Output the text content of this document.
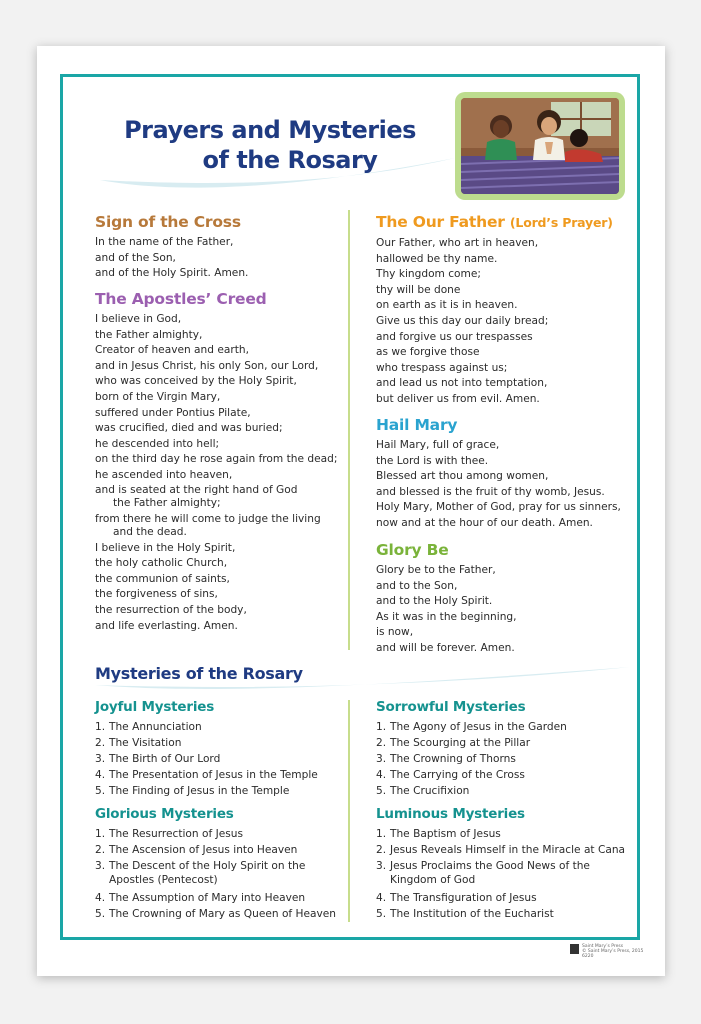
Prayers and Mysteries
of the Rosary
Sign of the Cross
In the name of the Father,
and of the Son,
and of the Holy Spirit. Amen.
The Apostles’ Creed
I believe in God,
the Father almighty,
Creator of heaven and earth,
and in Jesus Christ, his only Son, our Lord,
who was conceived by the Holy Spirit,
born of the Virgin Mary,
suffered under Pontius Pilate,
was crucified, died and was buried;
he descended into hell;
on the third day he rose again from the dead;
he ascended into heaven,
and is seated at the right hand of God
the Father almighty;
from there he will come to judge the living
and the dead.
I believe in the Holy Spirit,
the holy catholic Church,
the communion of saints,
the forgiveness of sins,
the resurrection of the body,
and life everlasting. Amen.
The Our Father (Lord’s Prayer)
Our Father, who art in heaven,
hallowed be thy name.
Thy kingdom come;
thy will be done
on earth as it is in heaven.
Give us this day our daily bread;
and forgive us our trespasses
as we forgive those
who trespass against us;
and lead us not into temptation,
but deliver us from evil. Amen.
Hail Mary
Hail Mary, full of grace,
the Lord is with thee.
Blessed art thou among women,
and blessed is the fruit of thy womb, Jesus.
Holy Mary, Mother of God, pray for us sinners,
now and at the hour of our death. Amen.
Glory Be
Glory be to the Father,
and to the Son,
and to the Holy Spirit.
As it was in the beginning,
is now,
and will be forever. Amen.
Mysteries of the Rosary
Joyful Mysteries
1. The Annunciation
2. The Visitation
3. The Birth of Our Lord
4. The Presentation of Jesus in the Temple
5. The Finding of Jesus in the Temple
Glorious Mysteries
1. The Resurrection of Jesus
2. The Ascension of Jesus into Heaven
3. The Descent of the Holy Spirit on the
Apostles (Pentecost)
4. The Assumption of Mary into Heaven
5. The Crowning of Mary as Queen of Heaven
Sorrowful Mysteries
1. The Agony of Jesus in the Garden
2. The Scourging at the Pillar
3. The Crowning of Thorns
4. The Carrying of the Cross
5. The Crucifixion
Luminous Mysteries
1. The Baptism of Jesus
2. Jesus Reveals Himself in the Miracle at Cana
3. Jesus Proclaims the Good News of the
Kingdom of God
4. The Transfiguration of Jesus
5. The Institution of the Eucharist
Saint Mary’s Press
© Saint Mary’s Press, 2015
6220
